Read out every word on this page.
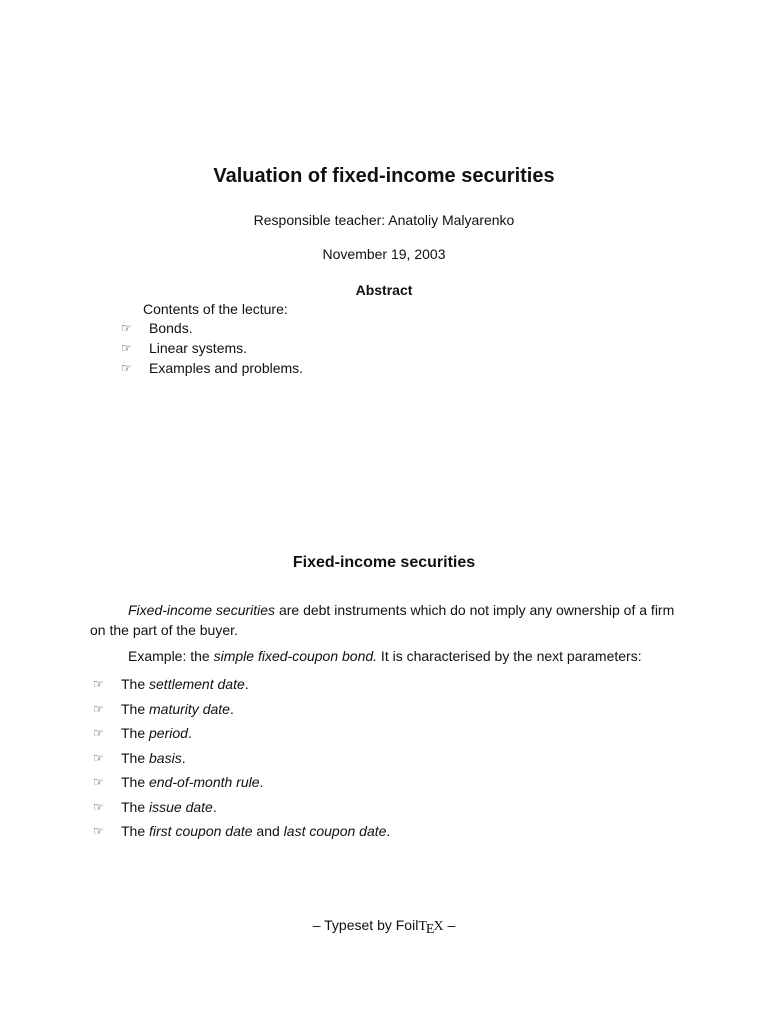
Valuation of fixed-income securities
Responsible teacher: Anatoliy Malyarenko
November 19, 2003
Abstract
Contents of the lecture:
☞	Bonds.
☞	Linear systems.
☞	Examples and problems.
Fixed-income securities
Fixed-income securities are debt instruments which do not imply any ownership of a firm on the part of the buyer.
Example: the simple fixed-coupon bond. It is characterised by the next parameters:
☞	The settlement date.
☞	The maturity date.
☞	The period.
☞	The basis.
☞	The end-of-month rule.
☞	The issue date.
☞	The first coupon date and last coupon date.
– Typeset by FoilTEX –
